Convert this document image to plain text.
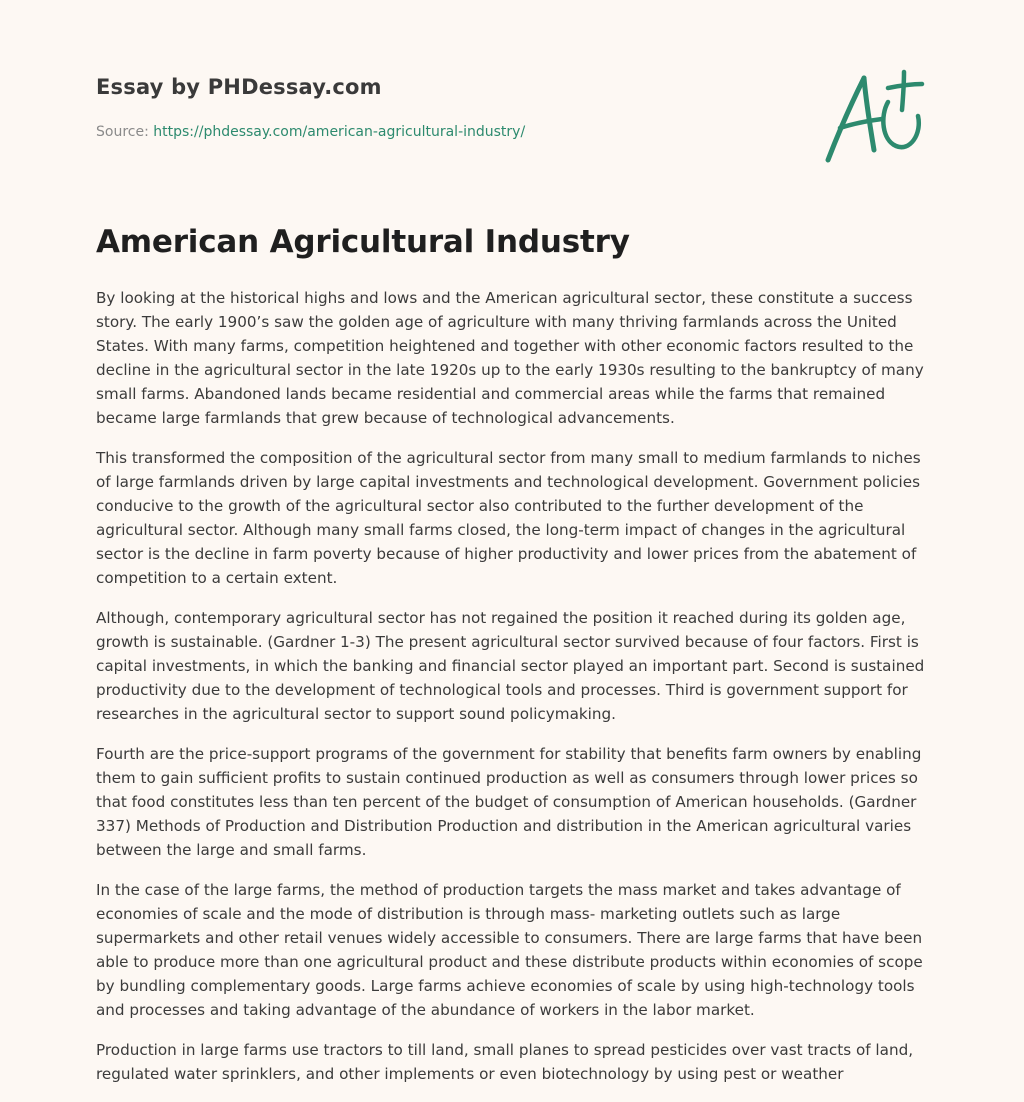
Essay by PHDessay.com
Source: https://phdessay.com/american-agricultural-industry/
American Agricultural Industry

By looking at the historical highs and lows and the American agricultural sector, these constitute a success story. The early 1900’s saw the golden age of agriculture with many thriving farmlands across the United States. With many farms, competition heightened and together with other economic factors resulted to the decline in the agricultural sector in the late 1920s up to the early 1930s resulting to the bankruptcy of many small farms. Abandoned lands became residential and commercial areas while the farms that remained became large farmlands that grew because of technological advancements.

This transformed the composition of the agricultural sector from many small to medium farmlands to niches of large farmlands driven by large capital investments and technological development. Government policies conducive to the growth of the agricultural sector also contributed to the further development of the agricultural sector. Although many small farms closed, the long-term impact of changes in the agricultural sector is the decline in farm poverty because of higher productivity and lower prices from the abatement of competition to a certain extent.

Although, contemporary agricultural sector has not regained the position it reached during its golden age, growth is sustainable. (Gardner 1-3) The present agricultural sector survived because of four factors. First is capital investments, in which the banking and financial sector played an important part. Second is sustained productivity due to the development of technological tools and processes. Third is government support for researches in the agricultural sector to support sound policymaking.

Fourth are the price-support programs of the government for stability that benefits farm owners by enabling them to gain sufficient profits to sustain continued production as well as consumers through lower prices so that food constitutes less than ten percent of the budget of consumption of American households. (Gardner 337) Methods of Production and Distribution Production and distribution in the American agricultural varies between the large and small farms.

In the case of the large farms, the method of production targets the mass market and takes advantage of economies of scale and the mode of distribution is through mass- marketing outlets such as large supermarkets and other retail venues widely accessible to consumers. There are large farms that have been able to produce more than one agricultural product and these distribute products within economies of scope by bundling complementary goods. Large farms achieve economies of scale by using high-technology tools and processes and taking advantage of the abundance of workers in the labor market.

Production in large farms use tractors to till land, small planes to spread pesticides over vast tracts of land, regulated water sprinklers, and other implements or even biotechnology by using pest or weather
